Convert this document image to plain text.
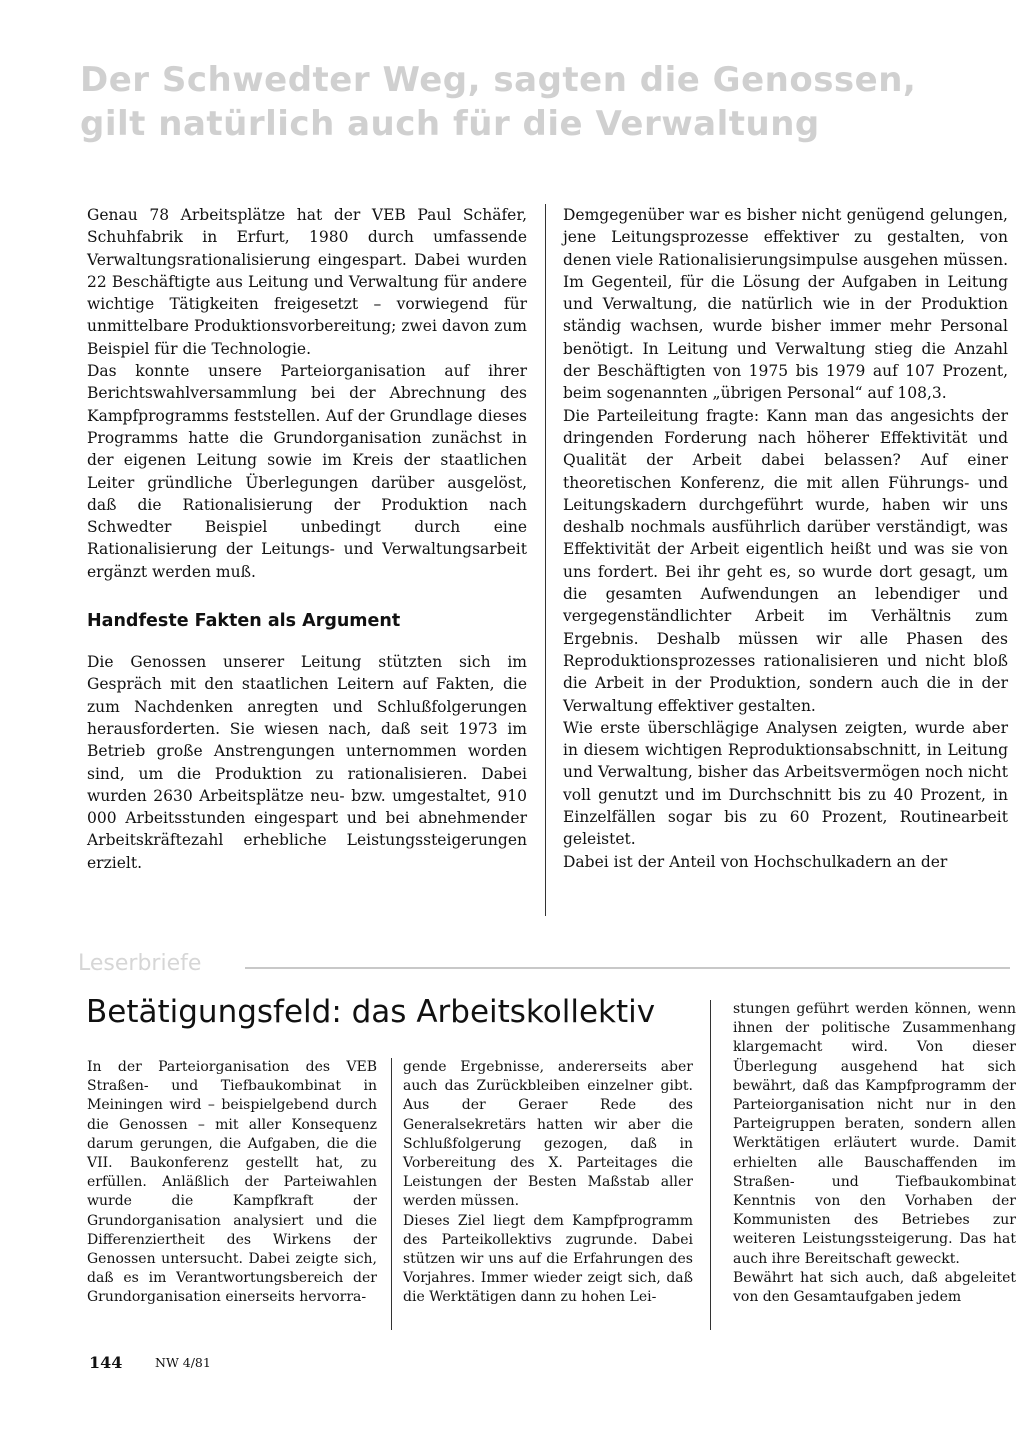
Der Schwedter Weg, sagten die Genossen,
gilt natürlich auch für die Verwaltung

Genau 78 Arbeitsplätze hat der VEB Paul Schäfer, Schuhfabrik in Erfurt, 1980 durch umfassende Verwaltungsrationalisierung eingespart. Dabei wurden 22 Beschäftigte aus Leitung und Verwaltung für andere wichtige Tätigkeiten freigesetzt – vorwiegend für unmittelbare Produktionsvorbereitung; zwei davon zum Beispiel für die Technologie.

Das konnte unsere Parteiorganisation auf ihrer Berichtswahlversammlung bei der Abrechnung des Kampfprogramms feststellen. Auf der Grundlage dieses Programms hatte die Grundorganisation zunächst in der eigenen Leitung sowie im Kreis der staatlichen Leiter gründliche Überlegungen darüber ausgelöst, daß die Rationalisierung der Produktion nach Schwedter Beispiel unbedingt durch eine Rationalisierung der Leitungs- und Verwaltungsarbeit ergänzt werden muß.

Handfeste Fakten als Argument

Die Genossen unserer Leitung stützten sich im Gespräch mit den staatlichen Leitern auf Fakten, die zum Nachdenken anregten und Schlußfolgerungen herausforderten. Sie wiesen nach, daß seit 1973 im Betrieb große Anstrengungen unternommen worden sind, um die Produktion zu rationalisieren. Dabei wurden 2630 Arbeitsplätze neu- bzw. umgestaltet, 910 000 Arbeitsstunden eingespart und bei abnehmender Arbeitskräftezahl erhebliche Leistungssteigerungen erzielt.

Demgegenüber war es bisher nicht genügend gelungen, jene Leitungsprozesse effektiver zu gestalten, von denen viele Rationalisierungsimpulse ausgehen müssen. Im Gegenteil, für die Lösung der Aufgaben in Leitung und Verwaltung, die natürlich wie in der Produktion ständig wachsen, wurde bisher immer mehr Personal benötigt. In Leitung und Verwaltung stieg die Anzahl der Beschäftigten von 1975 bis 1979 auf 107 Prozent, beim sogenannten „übrigen Personal“ auf 108,3.

Die Parteileitung fragte: Kann man das angesichts der dringenden Forderung nach höherer Effektivität und Qualität der Arbeit dabei belassen? Auf einer theoretischen Konferenz, die mit allen Führungs- und Leitungskadern durchgeführt wurde, haben wir uns deshalb nochmals ausführlich darüber verständigt, was Effektivität der Arbeit eigentlich heißt und was sie von uns fordert. Bei ihr geht es, so wurde dort gesagt, um die gesamten Aufwendungen an lebendiger und vergegenständlichter Arbeit im Verhältnis zum Ergebnis. Deshalb müssen wir alle Phasen des Reproduktionsprozesses rationalisieren und nicht bloß die Arbeit in der Produktion, sondern auch die in der Verwaltung effektiver gestalten.

Wie erste überschlägige Analysen zeigten, wurde aber in diesem wichtigen Reproduktionsabschnitt, in Leitung und Verwaltung, bisher das Arbeitsvermögen noch nicht voll genutzt und im Durchschnitt bis zu 40 Prozent, in Einzelfällen sogar bis zu 60 Prozent, Routinearbeit geleistet.

Dabei ist der Anteil von Hochschulkadern an der

Leserbriefe
Betätigungsfeld: das Arbeitskollektiv

In der Parteiorganisation des VEB Straßen- und Tiefbaukombinat in Meiningen wird – beispielgebend durch die Genossen – mit aller Konsequenz darum gerungen, die Aufgaben, die die VII. Baukonferenz gestellt hat, zu erfüllen. Anläßlich der Parteiwahlen wurde die Kampfkraft der Grundorganisation analysiert und die Differenziertheit des Wirkens der Genossen untersucht. Dabei zeigte sich, daß es im Verantwortungsbereich der Grundorganisation einerseits hervorra-

gende Ergebnisse, andererseits aber auch das Zurückbleiben einzelner gibt. Aus der Geraer Rede des Generalsekretärs hatten wir aber die Schlußfolgerung gezogen, daß in Vorbereitung des X. Parteitages die Leistungen der Besten Maßstab aller werden müssen.

Dieses Ziel liegt dem Kampfprogramm des Parteikollektivs zugrunde. Dabei stützen wir uns auf die Erfahrungen des Vorjahres. Immer wieder zeigt sich, daß die Werktätigen dann zu hohen Lei-

stungen geführt werden können, wenn ihnen der politische Zusammenhang klargemacht wird. Von dieser Überlegung ausgehend hat sich bewährt, daß das Kampfprogramm der Parteiorganisation nicht nur in den Parteigruppen beraten, sondern allen Werktätigen erläutert wurde. Damit erhielten alle Bauschaffenden im Straßen- und Tiefbaukombinat Kenntnis von den Vorhaben der Kommunisten des Betriebes zur weiteren Leistungssteigerung. Das hat auch ihre Bereitschaft geweckt.

Bewährt hat sich auch, daß abgeleitet von den Gesamtaufgaben jedem

144	NW 4/81
